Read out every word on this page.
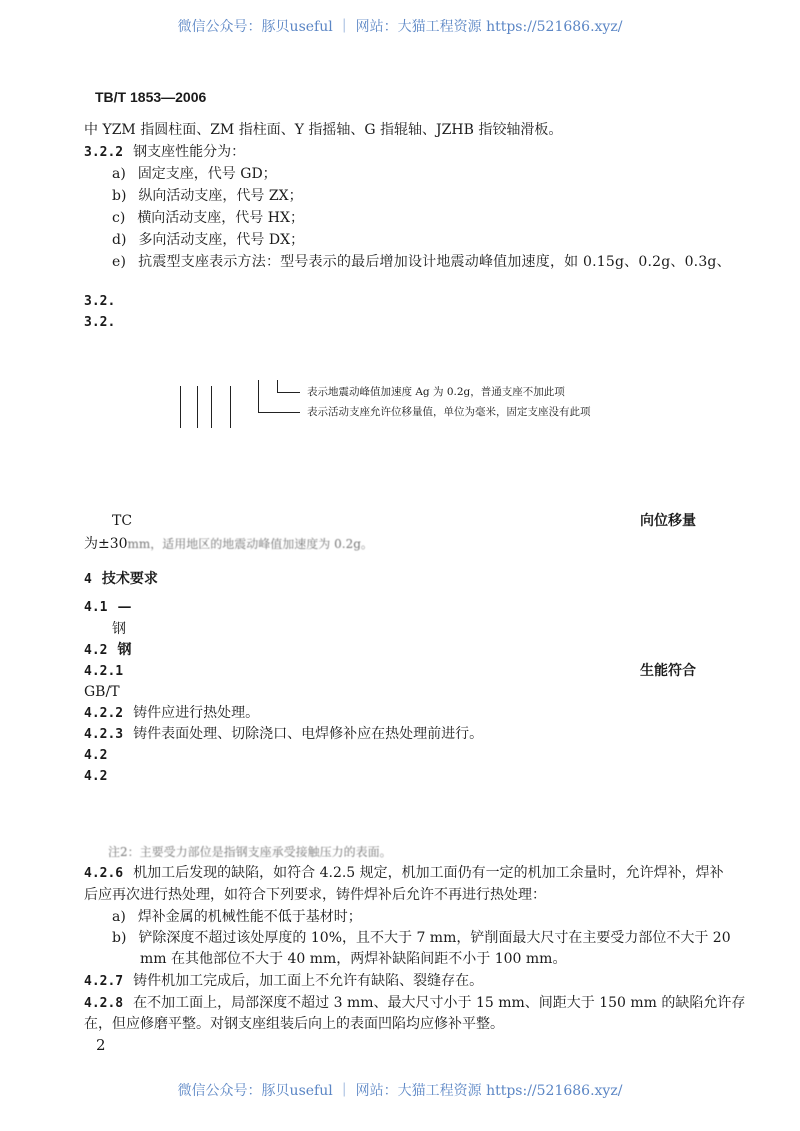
微信公众号：豚贝useful ｜ 网站：大猫工程资源 https://521686.xyz/
TB/T 1853—2006
中 YZM 指圆柱面、ZM 指柱面、Y 指摇轴、G 指辊轴、JZHB 指铰轴滑板。
3.2.2 钢支座性能分为：
a) 固定支座，代号 GD；
b) 纵向活动支座，代号 ZX；
c) 横向活动支座，代号 HX；
d) 多向活动支座，代号 DX；
e) 抗震型支座表示方法：型号表示的最后增加设计地震动峰值加速度，如 0.15g、0.2g、0.3g、
3.2.
3.2.
表示地震动峰值加速度 Ag 为 0.2g，普通支座不加此项
表示活动支座允许位移量值，单位为毫米，固定支座没有此项
TC	向位移量
为±30mm，适用地区的地震动峰值加速度为 0.2g。
4 技术要求
4.1 —
钢
4.2 钢
4.2.1	生能符合
GB/T
4.2.2 铸件应进行热处理。
4.2.3 铸件表面处理、切除浇口、电焊修补应在热处理前进行。
4.2
4.2
注2：主要受力部位是指钢支座承受接触压力的表面。
4.2.6 机加工后发现的缺陷，如符合 4.2.5 规定，机加工面仍有一定的机加工余量时，允许焊补，焊补
后应再次进行热处理，如符合下列要求，铸件焊补后允许不再进行热处理：
a) 焊补金属的机械性能不低于基材时；
b) 铲除深度不超过该处厚度的 10%，且不大于 7 mm，铲削面最大尺寸在主要受力部位不大于 20
mm 在其他部位不大于 40 mm，两焊补缺陷间距不小于 100 mm。
4.2.7 铸件机加工完成后，加工面上不允许有缺陷、裂缝存在。
4.2.8 在不加工面上，局部深度不超过 3 mm、最大尺寸小于 15 mm、间距大于 150 mm 的缺陷允许存
在，但应修磨平整。对钢支座组装后向上的表面凹陷均应修补平整。
2
微信公众号：豚贝useful ｜ 网站：大猫工程资源 https://521686.xyz/
